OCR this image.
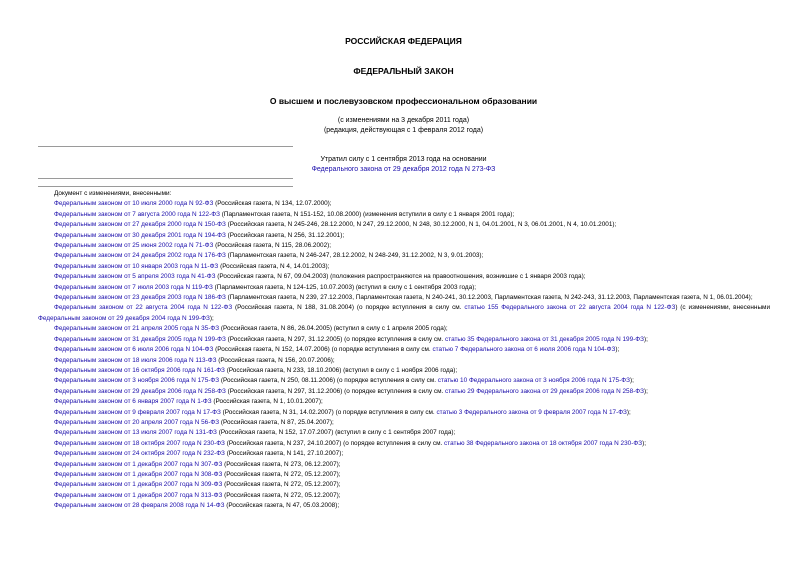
РОССИЙСКАЯ ФЕДЕРАЦИЯ
ФЕДЕРАЛЬНЫЙ ЗАКОН
О высшем и послевузовском профессиональном образовании
(с изменениями на 3 декабря 2011 года)
(редакция, действующая с 1 февраля 2012 года)
Утратил силу с 1 сентября 2013 года на основании
Федерального закона от 29 декабря 2012 года N 273-ФЗ
Документ с изменениями, внесенными:
Федеральным законом от 10 июля 2000 года N 92-ФЗ (Российская газета, N 134, 12.07.2000);
Федеральным законом от 7 августа 2000 года N 122-ФЗ (Парламентская газета, N 151-152, 10.08.2000) (изменения вступили в силу с 1 января 2001 года);
Федеральным законом от 27 декабря 2000 года N 150-ФЗ (Российская газета, N 245-246, 28.12.2000, N 247, 29.12.2000, N 248, 30.12.2000, N 1, 04.01.2001, N 3, 06.01.2001, N 4, 10.01.2001);
Федеральным законом от 30 декабря 2001 года N 194-ФЗ (Российская газета, N 256, 31.12.2001);
Федеральным законом от 25 июня 2002 года N 71-ФЗ (Российская газета, N 115, 28.06.2002);
Федеральным законом от 24 декабря 2002 года N 176-ФЗ (Парламентская газета, N 246-247, 28.12.2002, N 248-249, 31.12.2002, N 3, 9.01.2003);
Федеральным законом от 10 января 2003 года N 11-ФЗ (Российская газета, N 4, 14.01.2003);
Федеральным законом от 5 апреля 2003 года N 41-ФЗ (Российская газета, N 67, 09.04.2003) (положения распространяются на правоотношения, возникшие с 1 января 2003 года);
Федеральным законом от 7 июля 2003 года N 119-ФЗ (Парламентская газета, N 124-125, 10.07.2003) (вступил в силу с 1 сентября 2003 года);
Федеральным законом от 23 декабря 2003 года N 186-ФЗ (Парламентская газета, N 239, 27.12.2003, Парламентская газета, N 240-241, 30.12.2003, Парламентская газета, N 242-243, 31.12.2003, Парламентская газета, N 1, 06.01.2004);
Федеральным законом от 22 августа 2004 года N 122-ФЗ (Российская газета, N 188, 31.08.2004) (о порядке вступления в силу см. статью 155 Федерального закона от 22 августа 2004 года N 122-ФЗ) (с изменениями, внесенными Федеральным законом от 29 декабря 2004 года N 199-ФЗ);
Федеральным законом от 21 апреля 2005 года N 35-ФЗ (Российская газета, N 86, 26.04.2005) (вступил в силу с 1 апреля 2005 года);
Федеральным законом от 31 декабря 2005 года N 199-ФЗ (Российская газета, N 297, 31.12.2005) (о порядке вступления в силу см. статью 35 Федерального закона от 31 декабря 2005 года N 199-ФЗ);
Федеральным законом от 6 июля 2006 года N 104-ФЗ (Российская газета, N 152, 14.07.2006) (о порядке вступления в силу см. статью 7 Федерального закона от 6 июля 2006 года N 104-ФЗ);
Федеральным законом от 18 июля 2006 года N 113-ФЗ (Российская газета, N 156, 20.07.2006);
Федеральным законом от 16 октября 2006 года N 161-ФЗ (Российская газета, N 233, 18.10.2006) (вступил в силу с 1 ноября 2006 года);
Федеральным законом от 3 ноября 2006 года N 175-ФЗ (Российская газета, N 250, 08.11.2006) (о порядке вступления в силу см. статью 10 Федерального закона от 3 ноября 2006 года N 175-ФЗ);
Федеральным законом от 29 декабря 2006 года N 258-ФЗ (Российская газета, N 297, 31.12.2006) (о порядке вступления в силу см. статью 29 Федерального закона от 29 декабря 2006 года N 258-ФЗ);
Федеральным законом от 6 января 2007 года N 1-ФЗ (Российская газета, N 1, 10.01.2007);
Федеральным законом от 9 февраля 2007 года N 17-ФЗ (Российская газета, N 31, 14.02.2007) (о порядке вступления в силу см. статью 3 Федерального закона от 9 февраля 2007 года N 17-ФЗ);
Федеральным законом от 20 апреля 2007 года N 56-ФЗ (Российская газета, N 87, 25.04.2007);
Федеральным законом от 13 июля 2007 года N 131-ФЗ (Российская газета, N 152, 17.07.2007) (вступил в силу с 1 сентября 2007 года);
Федеральным законом от 18 октября 2007 года N 230-ФЗ (Российская газета, N 237, 24.10.2007) (о порядке вступления в силу см. статью 38 Федерального закона от 18 октября 2007 года N 230-ФЗ);
Федеральным законом от 24 октября 2007 года N 232-ФЗ (Российская газета, N 141, 27.10.2007);
Федеральным законом от 1 декабря 2007 года N 307-ФЗ (Российская газета, N 273, 06.12.2007);
Федеральным законом от 1 декабря 2007 года N 308-ФЗ (Российская газета, N 272, 05.12.2007);
Федеральным законом от 1 декабря 2007 года N 309-ФЗ (Российская газета, N 272, 05.12.2007);
Федеральным законом от 1 декабря 2007 года N 313-ФЗ (Российская газета, N 272, 05.12.2007);
Федеральным законом от 28 февраля 2008 года N 14-ФЗ (Российская газета, N 47, 05.03.2008);
